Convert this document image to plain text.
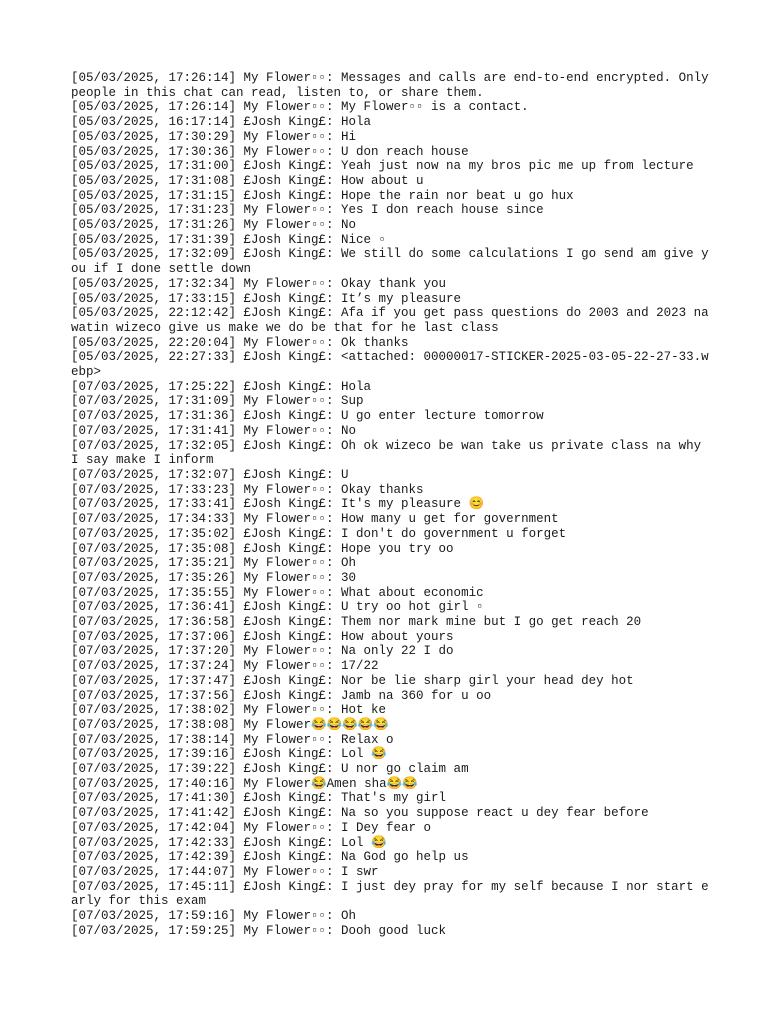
[05/03/2025, 17:26:14] My Flower▫▫: Messages and calls are end-to-end encrypted. Only people in this chat can read, listen to, or share them.

[05/03/2025, 17:26:14] My Flower▫▫: My Flower▫▫ is a contact.

[05/03/2025, 16:17:14] £Josh King£: Hola

[05/03/2025, 17:30:29] My Flower▫▫: Hi

[05/03/2025, 17:30:36] My Flower▫▫: U don reach house

[05/03/2025, 17:31:00] £Josh King£: Yeah just now na my bros pic me up from lecture

[05/03/2025, 17:31:08] £Josh King£: How about u

[05/03/2025, 17:31:15] £Josh King£: Hope the rain nor beat u go hux

[05/03/2025, 17:31:23] My Flower▫▫: Yes I don reach house since

[05/03/2025, 17:31:26] My Flower▫▫: No

[05/03/2025, 17:31:39] £Josh King£: Nice ▫

[05/03/2025, 17:32:09] £Josh King£: We still do some calculations I go send am give you if I done settle down

[05/03/2025, 17:32:34] My Flower▫▫: Okay thank you

[05/03/2025, 17:33:15] £Josh King£: It’s my pleasure

[05/03/2025, 22:12:42] £Josh King£: Afa if you get pass questions do 2003 and 2023 na watin wizeco give us make we do be that for he last class

[05/03/2025, 22:20:04] My Flower▫▫: Ok thanks

[05/03/2025, 22:27:33] £Josh King£: <attached: 00000017-STICKER-2025-03-05-22-27-33.webp>

[07/03/2025, 17:25:22] £Josh King£: Hola

[07/03/2025, 17:31:09] My Flower▫▫: Sup

[07/03/2025, 17:31:36] £Josh King£: U go enter lecture tomorrow

[07/03/2025, 17:31:41] My Flower▫▫: No

[07/03/2025, 17:32:05] £Josh King£: Oh ok wizeco be wan take us private class na why I say make I inform

[07/03/2025, 17:32:07] £Josh King£: U

[07/03/2025, 17:33:23] My Flower▫▫: Okay thanks

[07/03/2025, 17:33:41] £Josh King£: It's my pleasure 😊

[07/03/2025, 17:34:33] My Flower▫▫: How many u get for government

[07/03/2025, 17:35:02] £Josh King£: I don't do government u forget

[07/03/2025, 17:35:08] £Josh King£: Hope you try oo

[07/03/2025, 17:35:21] My Flower▫▫: Oh

[07/03/2025, 17:35:26] My Flower▫▫: 30

[07/03/2025, 17:35:55] My Flower▫▫: What about economic

[07/03/2025, 17:36:41] £Josh King£: U try oo hot girl ▫

[07/03/2025, 17:36:58] £Josh King£: Them nor mark mine but I go get reach 20

[07/03/2025, 17:37:06] £Josh King£: How about yours

[07/03/2025, 17:37:20] My Flower▫▫: Na only 22 I do

[07/03/2025, 17:37:24] My Flower▫▫: 17/22

[07/03/2025, 17:37:47] £Josh King£: Nor be lie sharp girl your head dey hot

[07/03/2025, 17:37:56] £Josh King£: Jamb na 360 for u oo

[07/03/2025, 17:38:02] My Flower▫▫: Hot ke

[07/03/2025, 17:38:08] My Flower😂😂😂😂😂

[07/03/2025, 17:38:14] My Flower▫▫: Relax o

[07/03/2025, 17:39:16] £Josh King£: Lol 😂

[07/03/2025, 17:39:22] £Josh King£: U nor go claim am

[07/03/2025, 17:40:16] My Flower😂Amen sha😂😂

[07/03/2025, 17:41:30] £Josh King£: That's my girl

[07/03/2025, 17:41:42] £Josh King£: Na so you suppose react u dey fear before

[07/03/2025, 17:42:04] My Flower▫▫: I Dey fear o

[07/03/2025, 17:42:33] £Josh King£: Lol 😂

[07/03/2025, 17:42:39] £Josh King£: Na God go help us

[07/03/2025, 17:44:07] My Flower▫▫: I swr

[07/03/2025, 17:45:11] £Josh King£: I just dey pray for my self because I nor start early for this exam

[07/03/2025, 17:59:16] My Flower▫▫: Oh

[07/03/2025, 17:59:25] My Flower▫▫: Dooh good luck
